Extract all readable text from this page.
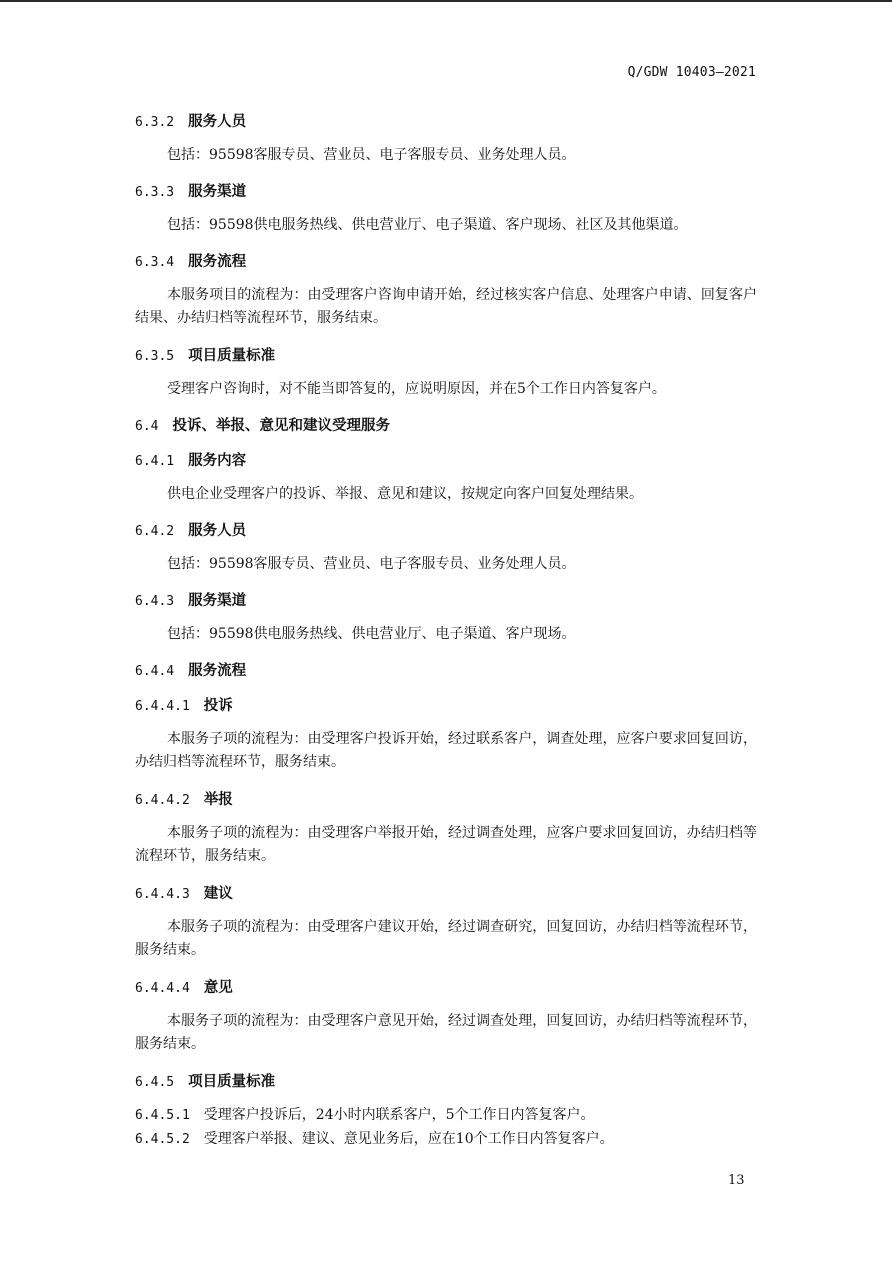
Q/GDW 10403—2021
6.3.2 服务人员
包括：95598客服专员、营业员、电子客服专员、业务处理人员。
6.3.3 服务渠道
包括：95598供电服务热线、供电营业厅、电子渠道、客户现场、社区及其他渠道。
6.3.4 服务流程
本服务项目的流程为：由受理客户咨询申请开始，经过核实客户信息、处理客户申请、回复客户结果、办结归档等流程环节，服务结束。
6.3.5 项目质量标准
受理客户咨询时，对不能当即答复的，应说明原因，并在5个工作日内答复客户。
6.4 投诉、举报、意见和建议受理服务
6.4.1 服务内容
供电企业受理客户的投诉、举报、意见和建议，按规定向客户回复处理结果。
6.4.2 服务人员
包括：95598客服专员、营业员、电子客服专员、业务处理人员。
6.4.3 服务渠道
包括：95598供电服务热线、供电营业厅、电子渠道、客户现场。
6.4.4 服务流程
6.4.4.1 投诉
本服务子项的流程为：由受理客户投诉开始，经过联系客户，调查处理，应客户要求回复回访，办结归档等流程环节，服务结束。
6.4.4.2 举报
本服务子项的流程为：由受理客户举报开始，经过调查处理，应客户要求回复回访，办结归档等流程环节，服务结束。
6.4.4.3 建议
本服务子项的流程为：由受理客户建议开始，经过调查研究，回复回访，办结归档等流程环节，服务结束。
6.4.4.4 意见
本服务子项的流程为：由受理客户意见开始，经过调查处理，回复回访，办结归档等流程环节，服务结束。
6.4.5 项目质量标准
6.4.5.1 受理客户投诉后，24小时内联系客户，5个工作日内答复客户。
6.4.5.2 受理客户举报、建议、意见业务后，应在10个工作日内答复客户。
13
